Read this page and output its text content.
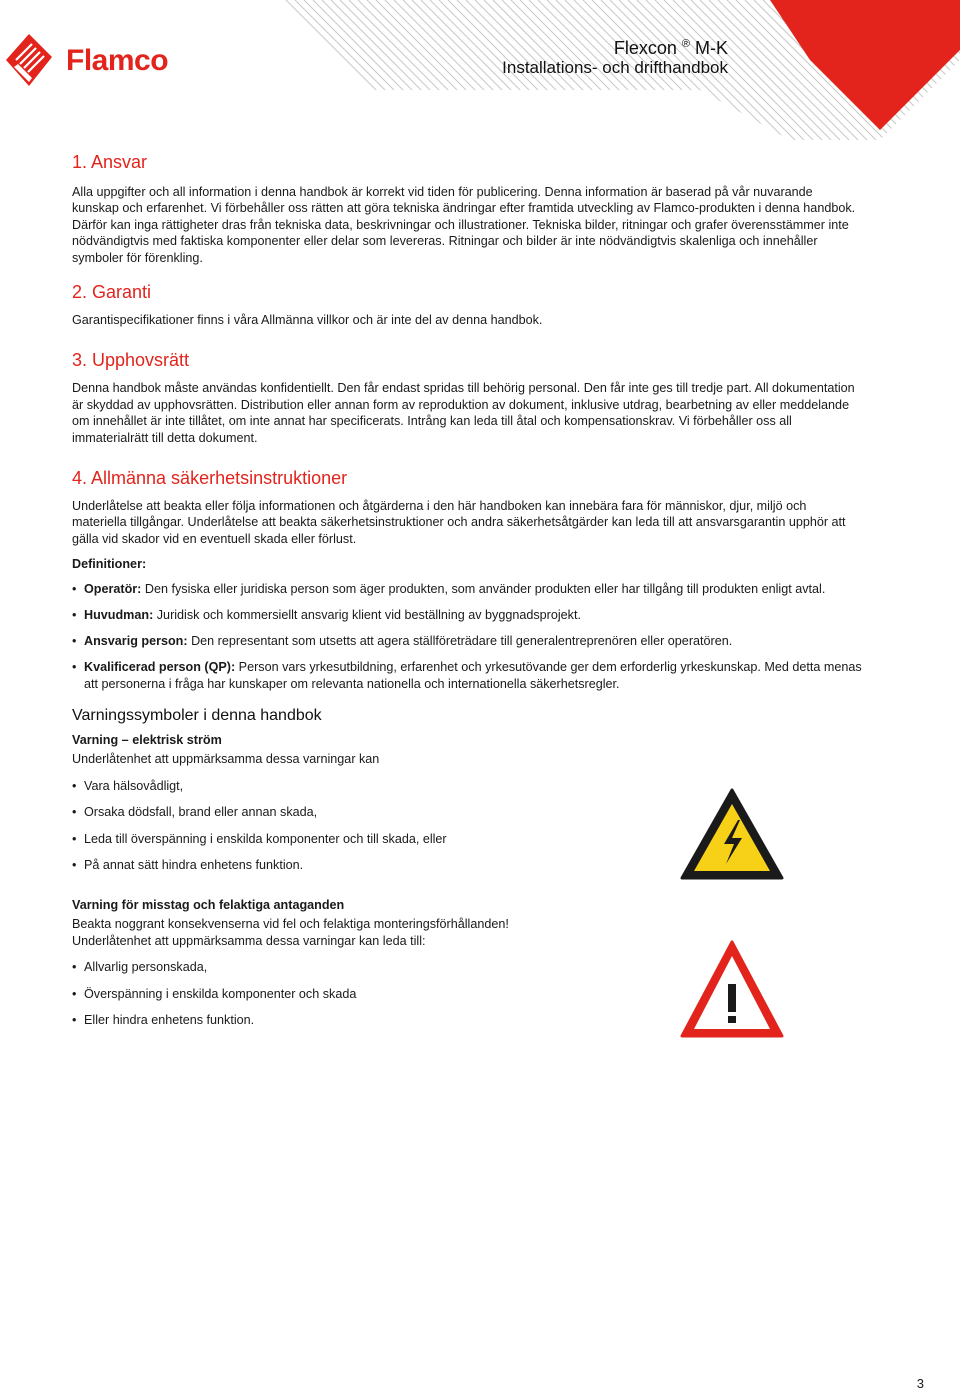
Flamco	Flexcon ® M-K
Installations- och drifthandbok
1. Ansvar

Alla uppgifter och all information i denna handbok är korrekt vid tiden för publicering. Denna information är baserad på vår nuvarande kunskap och erfarenhet. Vi förbehåller oss rätten att göra tekniska ändringar efter framtida utveckling av Flamco-produkten i denna handbok. Därför kan inga rättigheter dras från tekniska data, beskrivningar och illustrationer. Tekniska bilder, ritningar och grafer överensstämmer inte nödvändigtvis med faktiska komponenter eller delar som levereras. Ritningar och bilder är inte nödvändigtvis skalenliga och innehåller symboler för förenkling.

2. Garanti

Garantispecifikationer finns i våra Allmänna villkor och är inte del av denna handbok.

3. Upphovsrätt

Denna handbok måste användas konfidentiellt. Den får endast spridas till behörig personal. Den får inte ges till tredje part. All dokumentation är skyddad av upphovsrätten. Distribution eller annan form av reproduktion av dokument, inklusive utdrag, bearbetning av eller meddelande om innehållet är inte tillåtet, om inte annat har specificerats. Intrång kan leda till åtal och kompensationskrav. Vi förbehåller oss all immaterialrätt till detta dokument.

4. Allmänna säkerhetsinstruktioner

Underlåtelse att beakta eller följa informationen och åtgärderna i den här handboken kan innebära fara för människor, djur, miljö och materiella tillgångar. Underlåtelse att beakta säkerhetsinstruktioner och andra säkerhetsåtgärder kan leda till att ansvarsgarantin upphör att gälla vid skador vid en eventuell skada eller förlust.

Definitioner:
• Operatör: Den fysiska eller juridiska person som äger produkten, som använder produkten eller har tillgång till produkten enligt avtal.
• Huvudman: Juridisk och kommersiellt ansvarig klient vid beställning av byggnadsprojekt.
• Ansvarig person: Den representant som utsetts att agera ställföreträdare till generalentreprenören eller operatören.
• Kvalificerad person (QP): Person vars yrkesutbildning, erfarenhet och yrkesutövande ger dem erforderlig yrkeskunskap. Med detta menas att personerna i fråga har kunskaper om relevanta nationella och internationella säkerhetsregler.
Varningssymboler i denna handbok
Varning – elektrisk ström

Underlåtenhet att uppmärksamma dessa varningar kan

• Vara hälsovådligt,
• Orsaka dödsfall, brand eller annan skada,
• Leda till överspänning i enskilda komponenter och till skada, eller
• På annat sätt hindra enhetens funktion.
Varning för misstag och felaktiga antaganden

Beakta noggrant konsekvenserna vid fel och felaktiga monteringsförhållanden!

Underlåtenhet att uppmärksamma dessa varningar kan leda till:

• Allvarlig personskada,
• Överspänning i enskilda komponenter och skada
• Eller hindra enhetens funktion.
3
